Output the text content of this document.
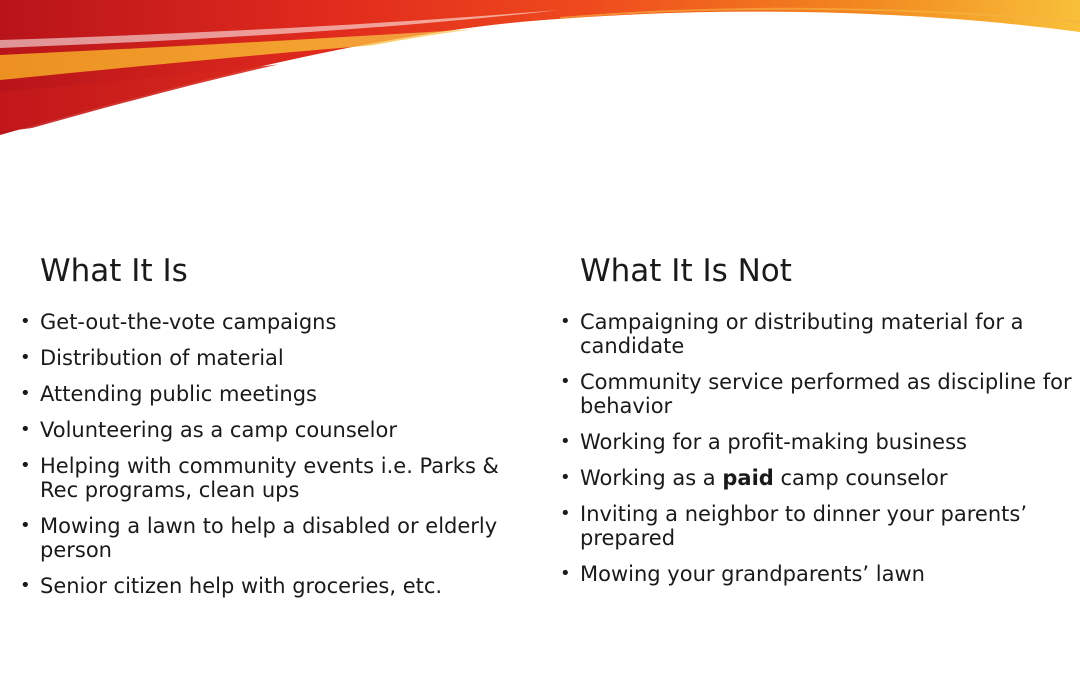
What It Is
• Get-out-the-vote campaigns
• Distribution of material
• Attending public meetings
• Volunteering as a camp counselor
• Helping with community events i.e. Parks & Rec programs, clean ups
• Mowing a lawn to help a disabled or elderly person
• Senior citizen help with groceries, etc.
What It Is Not
• Campaigning or distributing material for a candidate
• Community service performed as discipline for behavior
• Working for a profit-making business
• Working as a paid camp counselor
• Inviting a neighbor to dinner your parents’ prepared
• Mowing your grandparents’ lawn
